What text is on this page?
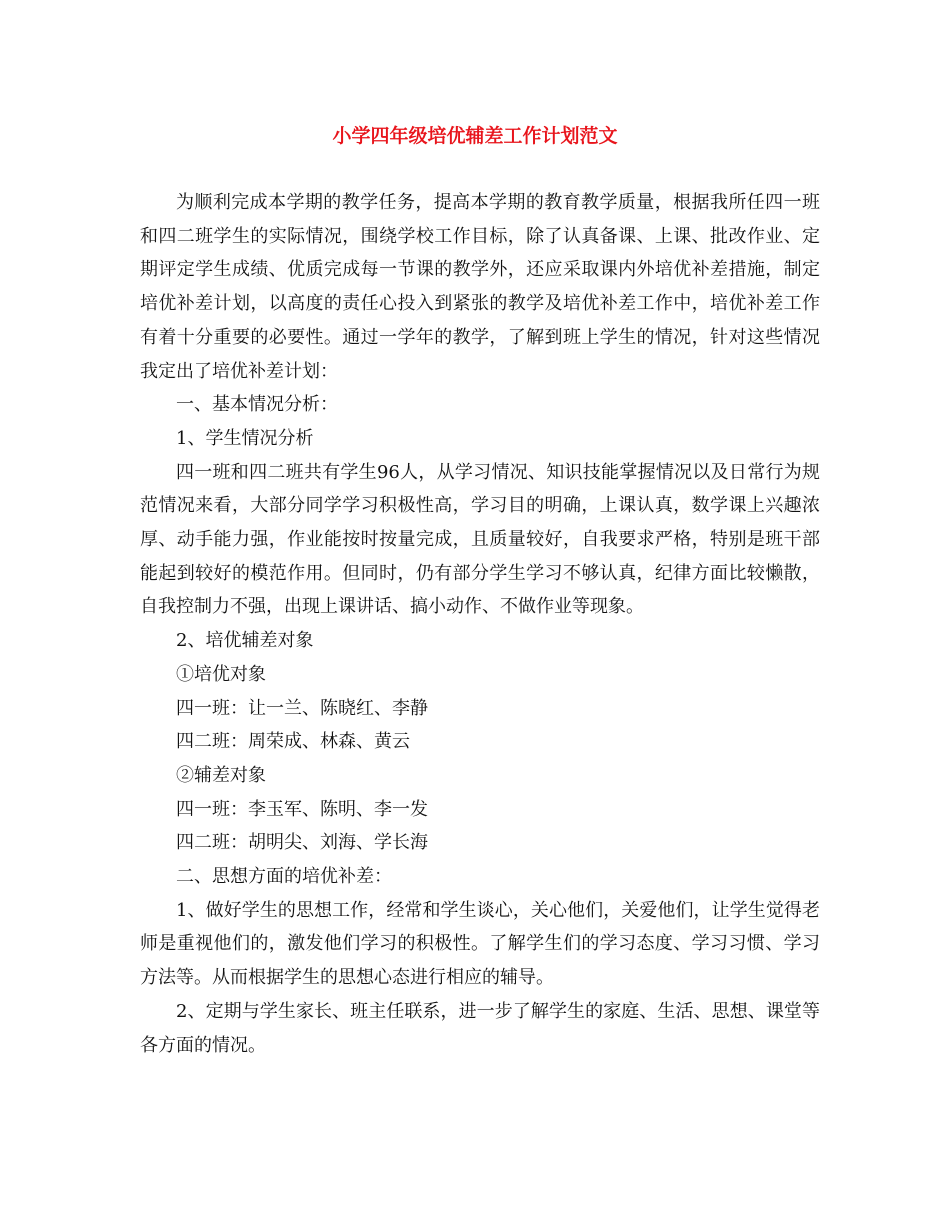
小学四年级培优辅差工作计划范文

为顺利完成本学期的教学任务，提高本学期的教育教学质量，根据我所任四一班和四二班学生的实际情况，围绕学校工作目标，除了认真备课、上课、批改作业、定期评定学生成绩、优质完成每一节课的教学外，还应采取课内外培优补差措施，制定培优补差计划，以高度的责任心投入到紧张的教学及培优补差工作中，培优补差工作有着十分重要的必要性。通过一学年的教学，了解到班上学生的情况，针对这些情况我定出了培优补差计划：

一、基本情况分析：

1、学生情况分析

四一班和四二班共有学生96人，从学习情况、知识技能掌握情况以及日常行为规范情况来看，大部分同学学习积极性高，学习目的明确，上课认真，数学课上兴趣浓厚、动手能力强，作业能按时按量完成，且质量较好，自我要求严格，特别是班干部能起到较好的模范作用。但同时，仍有部分学生学习不够认真，纪律方面比较懒散，自我控制力不强，出现上课讲话、搞小动作、不做作业等现象。

2、培优辅差对象

①培优对象

四一班：让一兰、陈晓红、李静

四二班：周荣成、林森、黄云

②辅差对象

四一班：李玉军、陈明、李一发

四二班：胡明尖、刘海、学长海

二、思想方面的培优补差：

1、做好学生的思想工作，经常和学生谈心，关心他们，关爱他们，让学生觉得老师是重视他们的，激发他们学习的积极性。了解学生们的学习态度、学习习惯、学习方法等。从而根据学生的思想心态进行相应的辅导。

2、定期与学生家长、班主任联系，进一步了解学生的家庭、生活、思想、课堂等各方面的情况。
